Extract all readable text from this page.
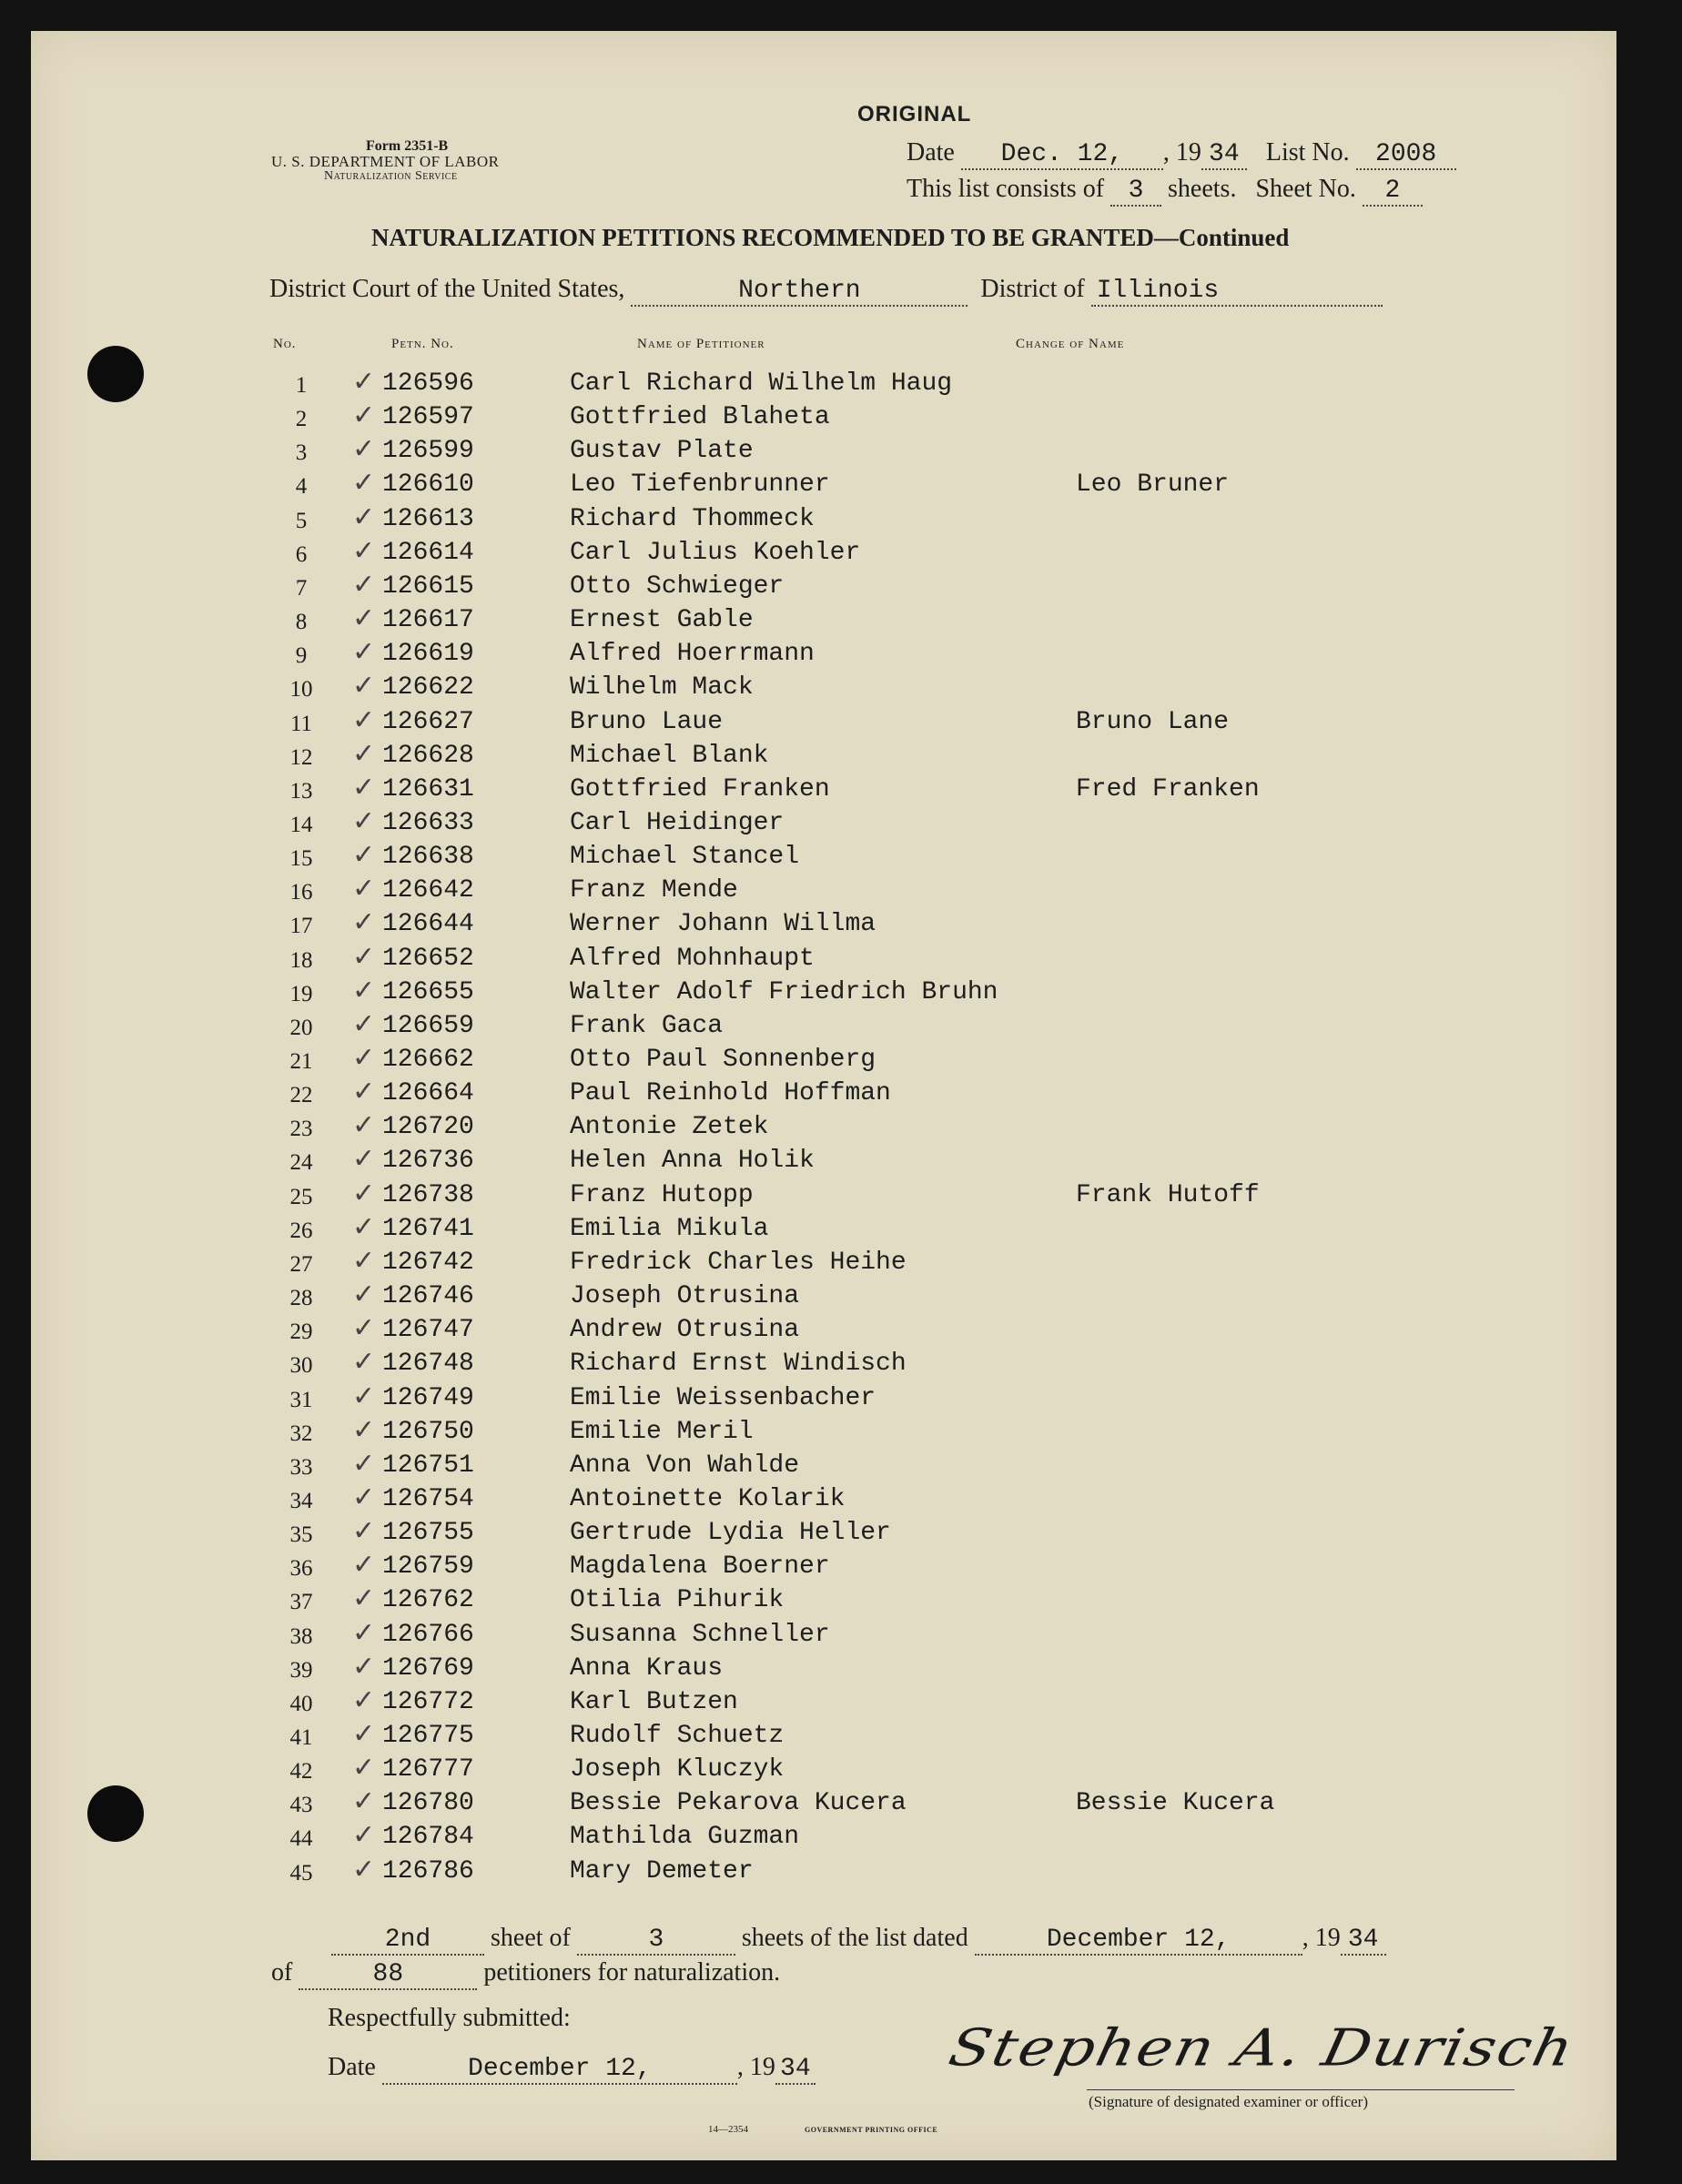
ORIGINAL
Form 2351-B
U. S. DEPARTMENT OF LABOR
Naturalization Service
Date Dec. 12, , 19 34 List No. 2008
This list consists of 3 sheets. Sheet No. 2
NATURALIZATION PETITIONS RECOMMENDED TO BE GRANTED—Continued
District Court of the United States,	Northern	District of Illinois
No.	Petn. No.	Name of Petitioner	Change of Name
1	✓ 126596	Carl Richard Wilhelm Haug
2	✓ 126597	Gottfried Blaheta
3	✓ 126599	Gustav Plate
4	✓ 126610	Leo Tiefenbrunner	Leo Bruner
5	✓ 126613	Richard Thommeck
6	✓ 126614	Carl Julius Koehler
7	✓ 126615	Otto Schwieger
8	✓ 126617	Ernest Gable
9	✓ 126619	Alfred Hoerrmann
10	✓ 126622	Wilhelm Mack
11	✓ 126627	Bruno Laue	Bruno Lane
12	✓ 126628	Michael Blank
13	✓ 126631	Gottfried Franken	Fred Franken
14	✓ 126633	Carl Heidinger
15	✓ 126638	Michael Stancel
16	✓ 126642	Franz Mende
17	✓ 126644	Werner Johann Willma
18	✓ 126652	Alfred Mohnhaupt
19	✓ 126655	Walter Adolf Friedrich Bruhn
20	✓ 126659	Frank Gaca
21	✓ 126662	Otto Paul Sonnenberg
22	✓ 126664	Paul Reinhold Hoffman
23	✓ 126720	Antonie Zetek
24	✓ 126736	Helen Anna Holik
25	✓ 126738	Franz Hutopp	Frank Hutoff
26	✓ 126741	Emilia Mikula
27	✓ 126742	Fredrick Charles Heihe
28	✓ 126746	Joseph Otrusina
29	✓ 126747	Andrew Otrusina
30	✓ 126748	Richard Ernst Windisch
31	✓ 126749	Emilie Weissenbacher
32	✓ 126750	Emilie Meril
33	✓ 126751	Anna Von Wahlde
34	✓ 126754	Antoinette Kolarik
35	✓ 126755	Gertrude Lydia Heller
36	✓ 126759	Magdalena Boerner
37	✓ 126762	Otilia Pihurik
38	✓ 126766	Susanna Schneller
39	✓ 126769	Anna Kraus
40	✓ 126772	Karl Butzen
41	✓ 126775	Rudolf Schuetz
42	✓ 126777	Joseph Kluczyk
43	✓ 126780	Bessie Pekarova Kucera	Bessie Kucera
44	✓ 126784	Mathilda Guzman
45	✓ 126786	Mary Demeter
2nd sheet of	3	sheets of the list dated	December 12,	, 19 34
of	88	petitioners for naturalization.
Respectfully submitted:
Date	December 12,	, 19 34 Stephen A. Durisch
(Signature of designated examiner or officer)
14—2354	GOVERNMENT PRINTING OFFICE
